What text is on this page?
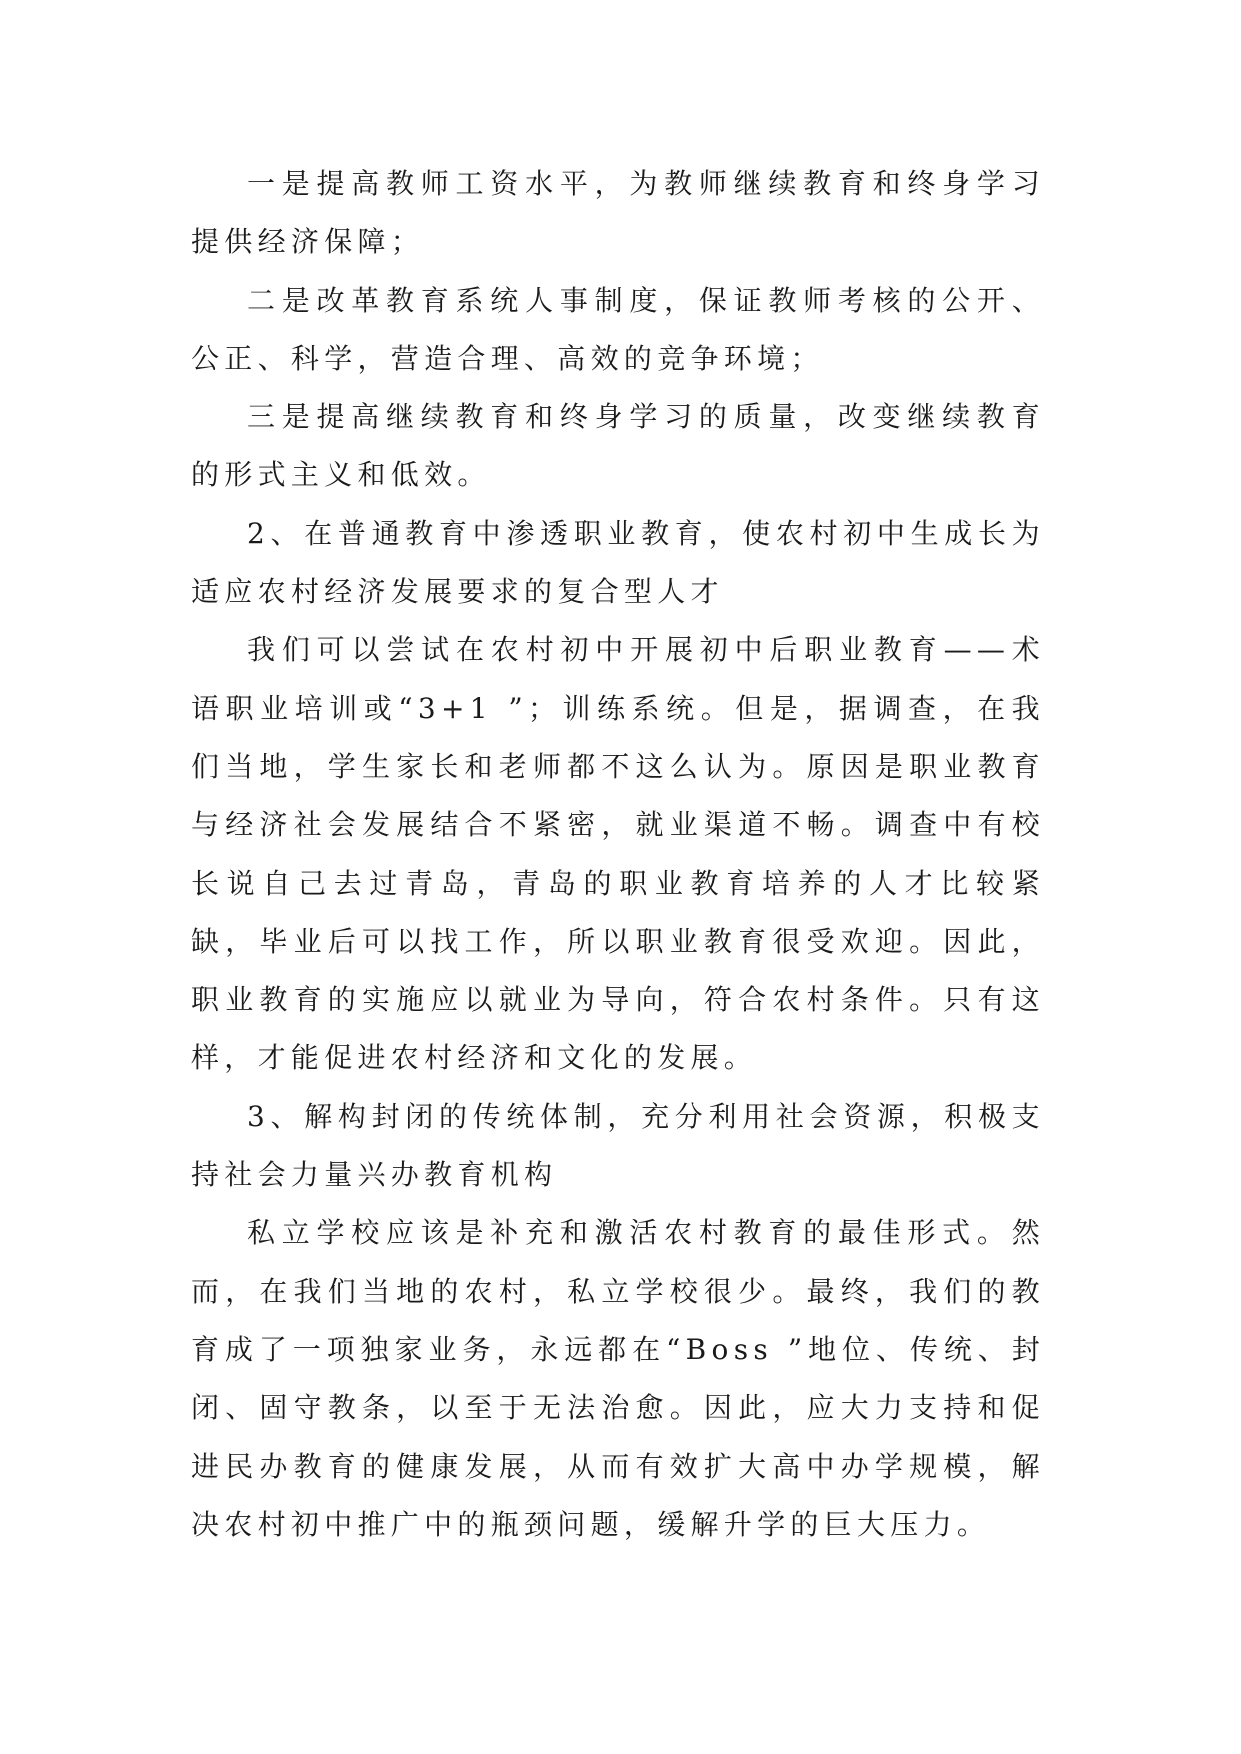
一是提高教师工资水平，为教师继续教育和终身学习提供经济保障；

二是改革教育系统人事制度，保证教师考核的公开、公正、科学，营造合理、高效的竞争环境；

三是提高继续教育和终身学习的质量，改变继续教育的形式主义和低效。

2、在普通教育中渗透职业教育，使农村初中生成长为适应农村经济发展要求的复合型人才

我们可以尝试在农村初中开展初中后职业教育——术语职业培训或“3+1 ”；训练系统。但是，据调查，在我们当地，学生家长和老师都不这么认为。原因是职业教育与经济社会发展结合不紧密，就业渠道不畅。调查中有校长说自己去过青岛，青岛的职业教育培养的人才比较紧缺，毕业后可以找工作，所以职业教育很受欢迎。因此，职业教育的实施应以就业为导向，符合农村条件。只有这样，才能促进农村经济和文化的发展。

3、解构封闭的传统体制，充分利用社会资源，积极支持社会力量兴办教育机构

私立学校应该是补充和激活农村教育的最佳形式。然而，在我们当地的农村，私立学校很少。最终，我们的教育成了一项独家业务，永远都在“Boss ”地位、传统、封闭、固守教条，以至于无法治愈。因此，应大力支持和促进民办教育的健康发展，从而有效扩大高中办学规模，解决农村初中推广中的瓶颈问题，缓解升学的巨大压力。
